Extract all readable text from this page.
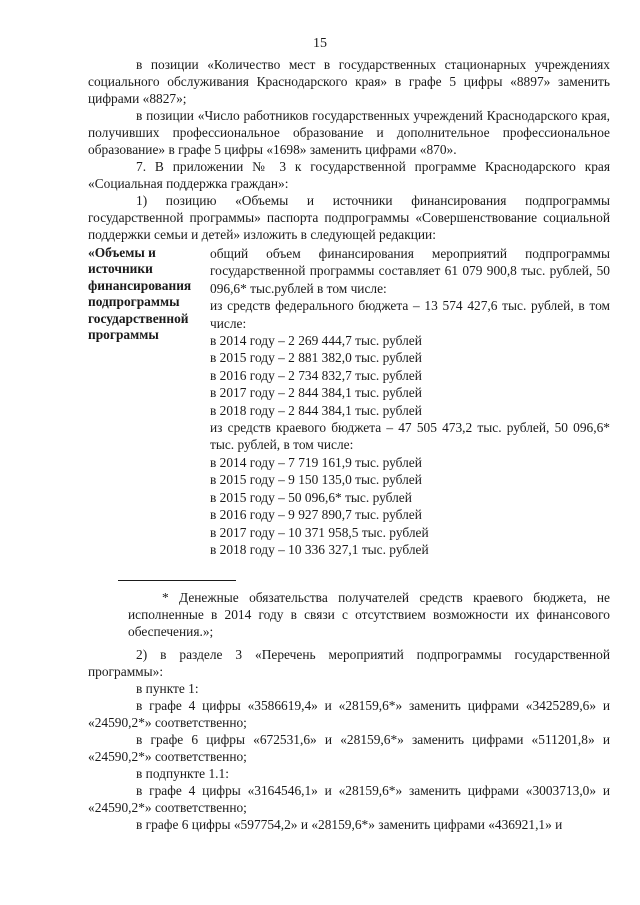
15
в позиции «Количество мест в государственных стационарных учреждениях социального обслуживания Краснодарского края» в графе 5 цифры «8897» заменить цифрами «8827»;
в позиции «Число работников государственных учреждений Краснодарского края, получивших профессиональное образование и дополнительное профессиональное образование» в графе 5 цифры «1698» заменить цифрами «870».
7. В приложении № 3 к государственной программе Краснодарского края «Социальная поддержка граждан»:
1) позицию «Объемы и источники финансирования подпрограммы государственной программы» паспорта подпрограммы «Совершенствование социальной поддержки семьи и детей» изложить в следующей редакции:
«Объемы и источники финансирования подпрограммы государственной программы
общий объем финансирования мероприятий подпрограммы государственной программы составляет 61 079 900,8 тыс. рублей, 50 096,6* тыс.рублей в том числе:
из средств федерального бюджета – 13 574 427,6 тыс. рублей, в том числе:
в 2014 году – 2 269 444,7 тыс. рублей
в 2015 году – 2 881 382,0 тыс. рублей
в 2016 году – 2 734 832,7 тыс. рублей
в 2017 году – 2 844 384,1 тыс. рублей
в 2018 году – 2 844 384,1 тыс. рублей
из средств краевого бюджета – 47 505 473,2 тыс. рублей, 50 096,6* тыс. рублей, в том числе:
в 2014 году – 7 719 161,9 тыс. рублей
в 2015 году – 9 150 135,0 тыс. рублей
в 2015 году – 50 096,6* тыс. рублей
в 2016 году – 9 927 890,7 тыс. рублей
в 2017 году – 10 371 958,5 тыс. рублей
в 2018 году – 10 336 327,1 тыс. рублей
* Денежные обязательства получателей средств краевого бюджета, не исполненные в 2014 году в связи с отсутствием возможности их финансового обеспечения.»;
2) в разделе 3 «Перечень мероприятий подпрограммы государственной программы»:
в пункте 1:
в графе 4 цифры «3586619,4» и «28159,6*» заменить цифрами «3425289,6» и «24590,2*» соответственно;
в графе 6 цифры «672531,6» и «28159,6*» заменить цифрами «511201,8» и «24590,2*» соответственно;
в подпункте 1.1:
в графе 4 цифры «3164546,1» и «28159,6*» заменить цифрами «3003713,0» и «24590,2*» соответственно;
в графе 6 цифры «597754,2» и «28159,6*» заменить цифрами «436921,1» и
